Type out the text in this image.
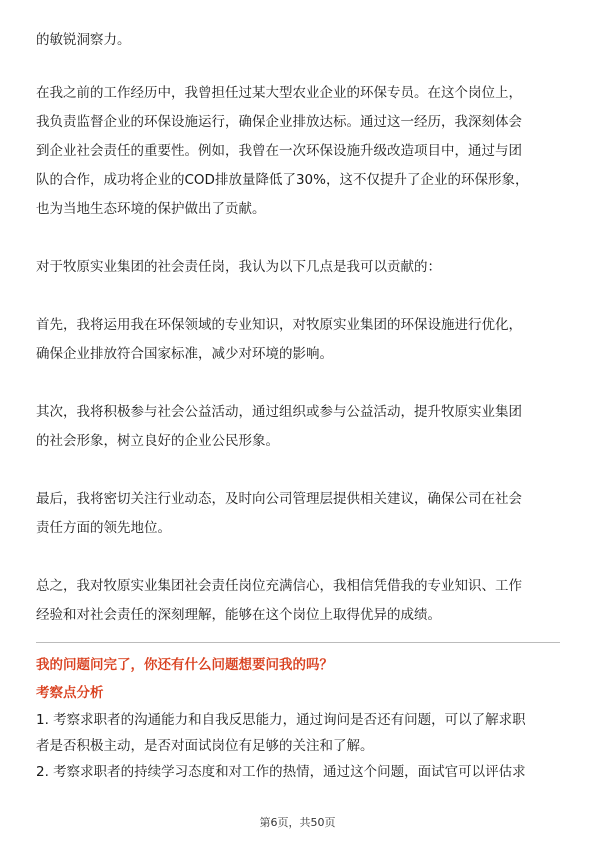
的敏锐洞察力。

在我之前的工作经历中，我曾担任过某大型农业企业的环保专员。在这个岗位上，
我负责监督企业的环保设施运行，确保企业排放达标。通过这一经历，我深刻体会
到企业社会责任的重要性。例如，我曾在一次环保设施升级改造项目中，通过与团
队的合作，成功将企业的COD排放量降低了30%，这不仅提升了企业的环保形象，
也为当地生态环境的保护做出了贡献。

对于牧原实业集团的社会责任岗，我认为以下几点是我可以贡献的：

首先，我将运用我在环保领域的专业知识，对牧原实业集团的环保设施进行优化，
确保企业排放符合国家标准，减少对环境的影响。

其次，我将积极参与社会公益活动，通过组织或参与公益活动，提升牧原实业集团
的社会形象，树立良好的企业公民形象。

最后，我将密切关注行业动态，及时向公司管理层提供相关建议，确保公司在社会
责任方面的领先地位。

总之，我对牧原实业集团社会责任岗位充满信心，我相信凭借我的专业知识、工作
经验和对社会责任的深刻理解，能够在这个岗位上取得优异的成绩。

我的问题问完了，你还有什么问题想要问我的吗？

考察点分析

1. 考察求职者的沟通能力和自我反思能力，通过询问是否还有问题，可以了解求职
者是否积极主动，是否对面试岗位有足够的关注和了解。

2. 考察求职者的持续学习态度和对工作的热情，通过这个问题，面试官可以评估求

第6页，共50页
